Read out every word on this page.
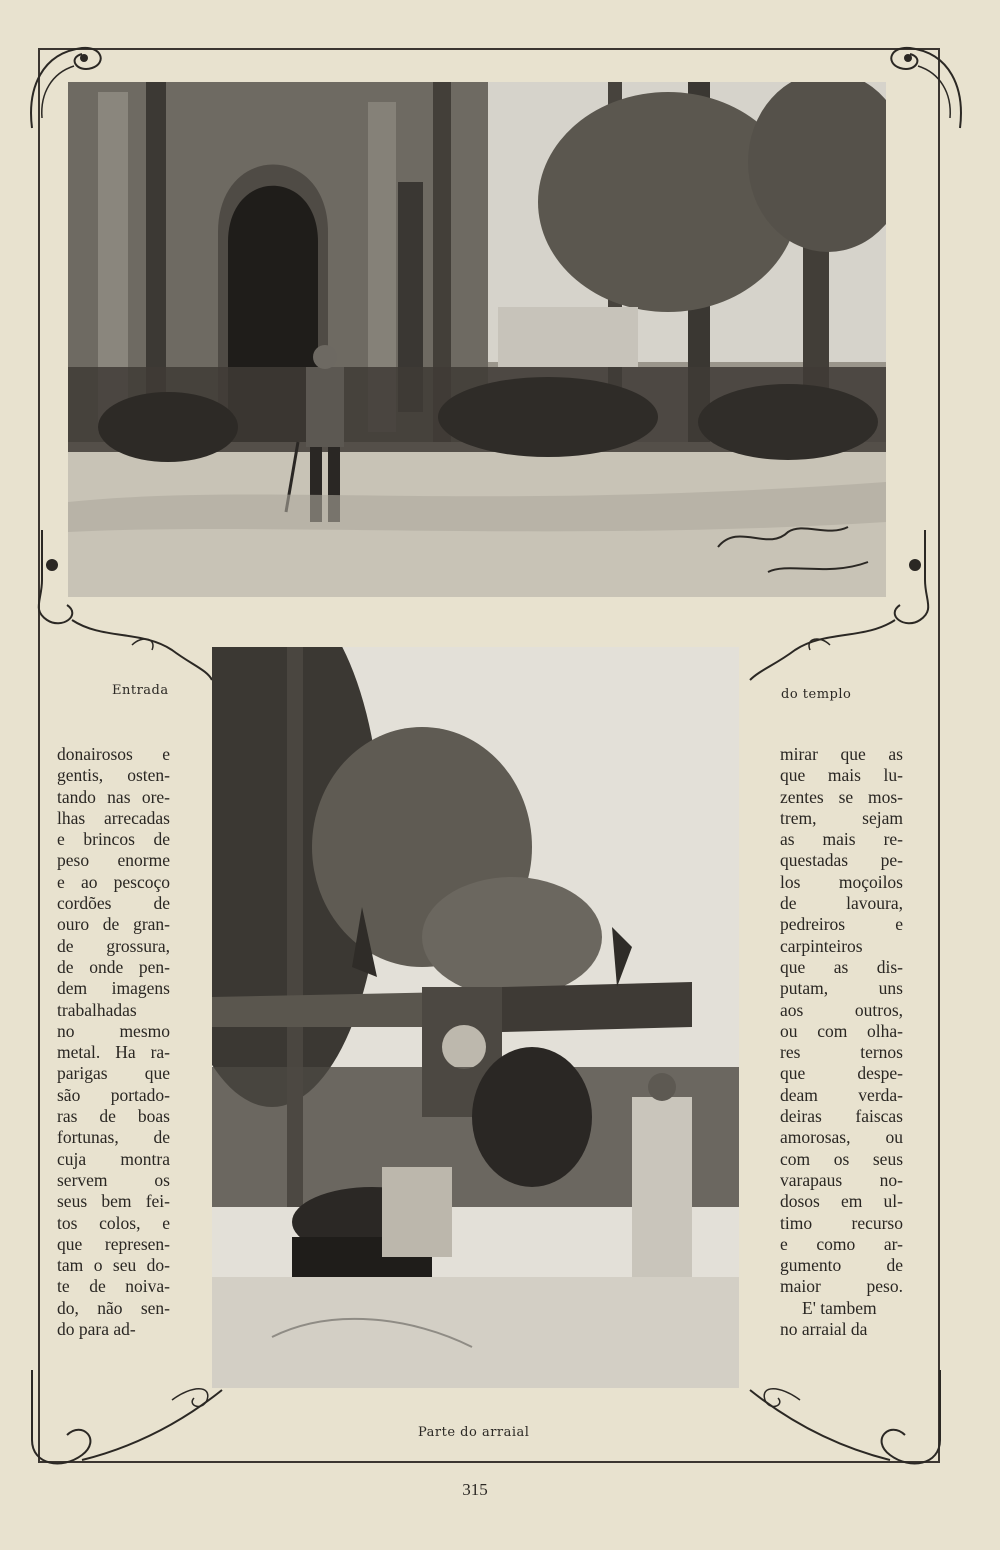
Entrada	do templo
Parte do arraial
donairosos e
gentis, osten-
tando nas ore-
lhas arrecadas
e brincos de
peso enorme
e ao pescoço
cordões de
ouro de gran-
de grossura,
de onde pen-
dem imagens
trabalhadas
no mesmo
metal. Ha ra-
parigas que
são portado-
ras de boas
fortunas, de
cuja montra
servem os
seus bem fei-
tos colos, e
que represen-
tam o seu do-
te de noiva-
do, não sen-
do para ad-
mirar que as
que mais lu-
zentes se mos-
trem, sejam
as mais re-
questadas pe-
los moçoilos
de lavoura,
pedreiros e
carpinteiros
que as dis-
putam, uns
aos outros,
ou com olha-
res ternos
que despe-
deam verda-
deiras faiscas
amorosas, ou
com os seus
varapaus no-
dosos em ul-
timo recurso
e como ar-
gumento de
maior peso.
E' tambem
no arraial da
315
